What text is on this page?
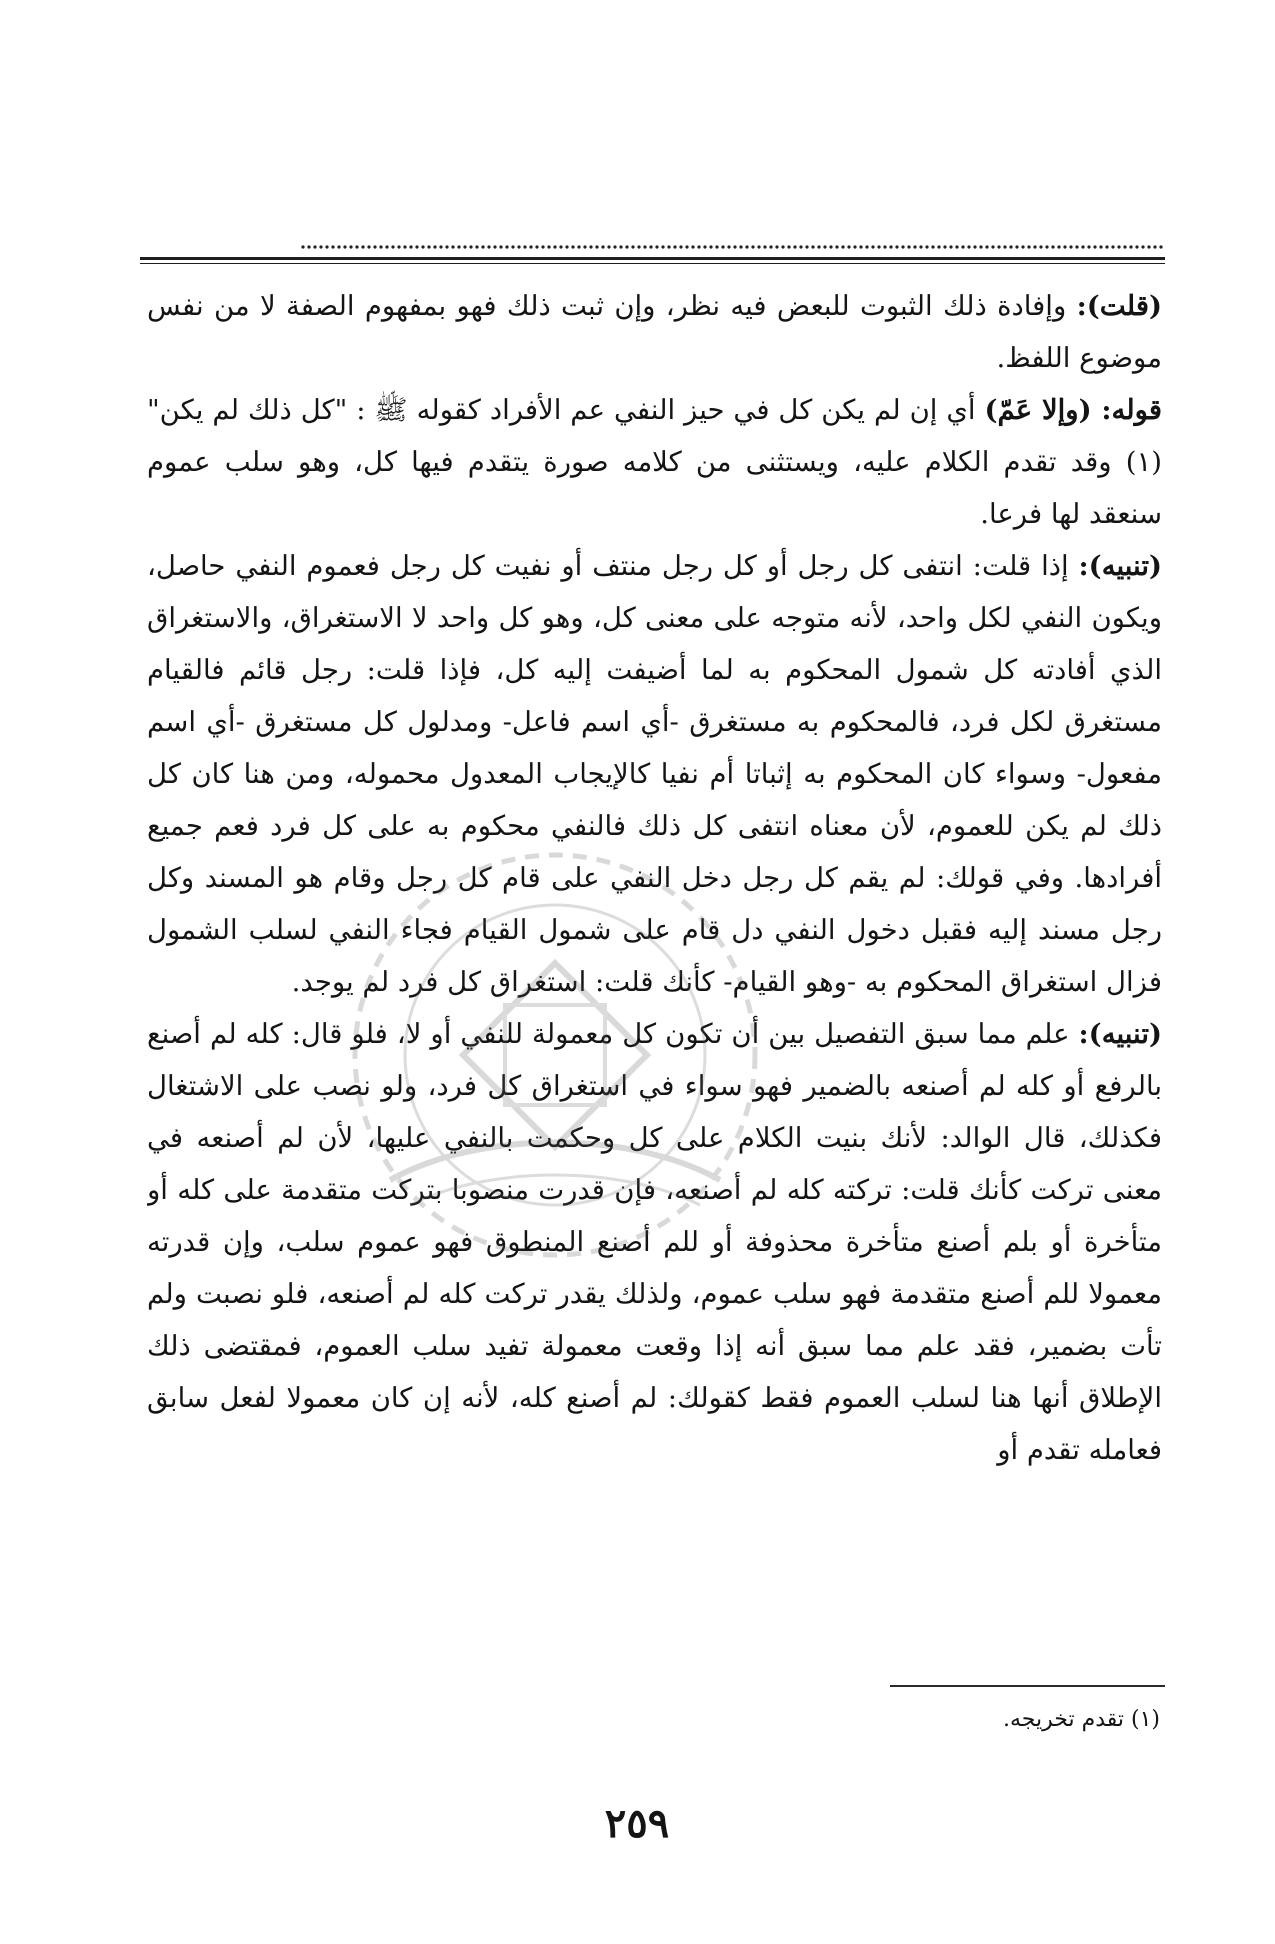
(قلت): وإفادة ذلك الثبوت للبعض فيه نظر، وإن ثبت ذلك فهو بمفهوم الصفة لا من نفس موضوع اللفظ.

قوله: (وإلا عَمّ) أي إن لم يكن كل في حيز النفي عم الأفراد كقوله ﷺ : "كل ذلك لم يكن"(١) وقد تقدم الكلام عليه، ويستثنى من كلامه صورة يتقدم فيها كل، وهو سلب عموم سنعقد لها فرعا.

(تنبيه): إذا قلت: انتفى كل رجل أو كل رجل منتف أو نفيت كل رجل فعموم النفي حاصل، ويكون النفي لكل واحد، لأنه متوجه على معنى كل، وهو كل واحد لا الاستغراق، والاستغراق الذي أفادته كل شمول المحكوم به لما أضيفت إليه كل، فإذا قلت: رجل قائم فالقيام مستغرق لكل فرد، فالمحكوم به مستغرق -أي اسم فاعل- ومدلول كل مستغرق -أي اسم مفعول- وسواء كان المحكوم به إثباتا أم نفيا كالإيجاب المعدول محموله، ومن هنا كان كل ذلك لم يكن للعموم، لأن معناه انتفى كل ذلك فالنفي محكوم به على كل فرد فعم جميع أفرادها. وفي قولك: لم يقم كل رجل دخل النفي على قام كل رجل وقام هو المسند وكل رجل مسند إليه فقبل دخول النفي دل قام على شمول القيام فجاء النفي لسلب الشمول فزال استغراق المحكوم به -وهو القيام- كأنك قلت: استغراق كل فرد لم يوجد.

(تنبيه): علم مما سبق التفصيل بين أن تكون كل معمولة للنفي أو لا، فلو قال: كله لم أصنع بالرفع أو كله لم أصنعه بالضمير فهو سواء في استغراق كل فرد، ولو نصب على الاشتغال فكذلك، قال الوالد: لأنك بنيت الكلام على كل وحكمت بالنفي عليها، لأن لم أصنعه في معنى تركت كأنك قلت: تركته كله لم أصنعه، فإن قدرت منصوبا بتركت متقدمة على كله أو متأخرة أو بلم أصنع متأخرة محذوفة أو للم أصنع المنطوق فهو عموم سلب، وإن قدرته معمولا للم أصنع متقدمة فهو سلب عموم، ولذلك يقدر تركت كله لم أصنعه، فلو نصبت ولم تأت بضمير، فقد علم مما سبق أنه إذا وقعت معمولة تفيد سلب العموم، فمقتضى ذلك الإطلاق أنها هنا لسلب العموم فقط كقولك: لم أصنع كله، لأنه إن كان معمولا لفعل سابق فعامله تقدم أو

(١) تقدم تخريجه.
٢٥٩
